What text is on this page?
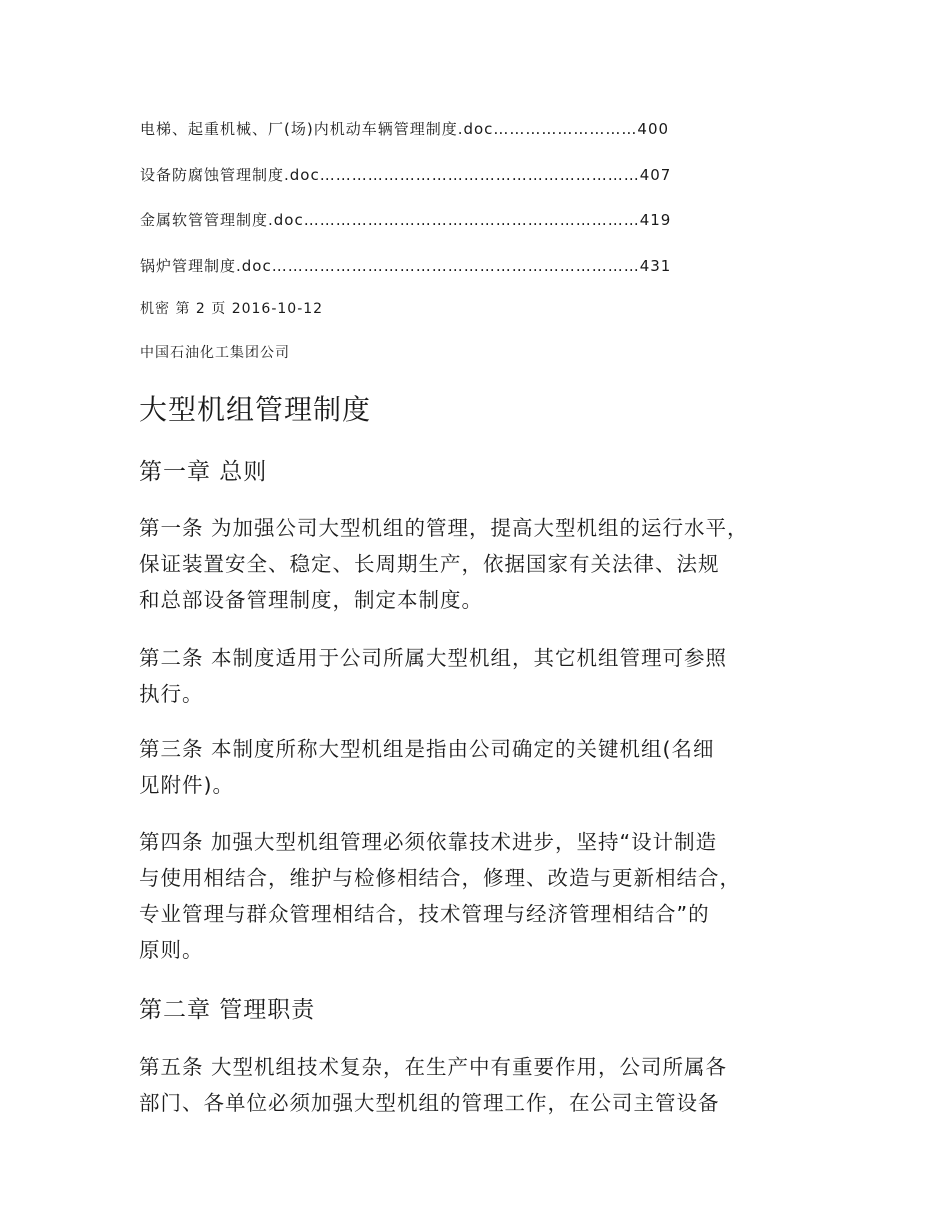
电梯、起重机械、厂(场)内机动车辆管理制度.doc………………………400
设备防腐蚀管理制度.doc……………………………………………………407
金属软管管理制度.doc………………………………………………………419
锅炉管理制度.doc……………………………………………………………431
机密 第 2 页 2016-10-12
中国石油化工集团公司
大型机组管理制度
第一章 总则

第一条 为加强公司大型机组的管理，提高大型机组的运行水平，
保证装置安全、稳定、长周期生产，依据国家有关法律、法规
和总部设备管理制度，制定本制度。

第二条 本制度适用于公司所属大型机组，其它机组管理可参照
执行。

第三条 本制度所称大型机组是指由公司确定的关键机组(名细
见附件)。

第四条 加强大型机组管理必须依靠技术进步，坚持“设计制造
与使用相结合，维护与检修相结合，修理、改造与更新相结合，
专业管理与群众管理相结合，技术管理与经济管理相结合”的
原则。

第二章 管理职责

第五条 大型机组技术复杂，在生产中有重要作用，公司所属各
部门、各单位必须加强大型机组的管理工作，在公司主管设备
